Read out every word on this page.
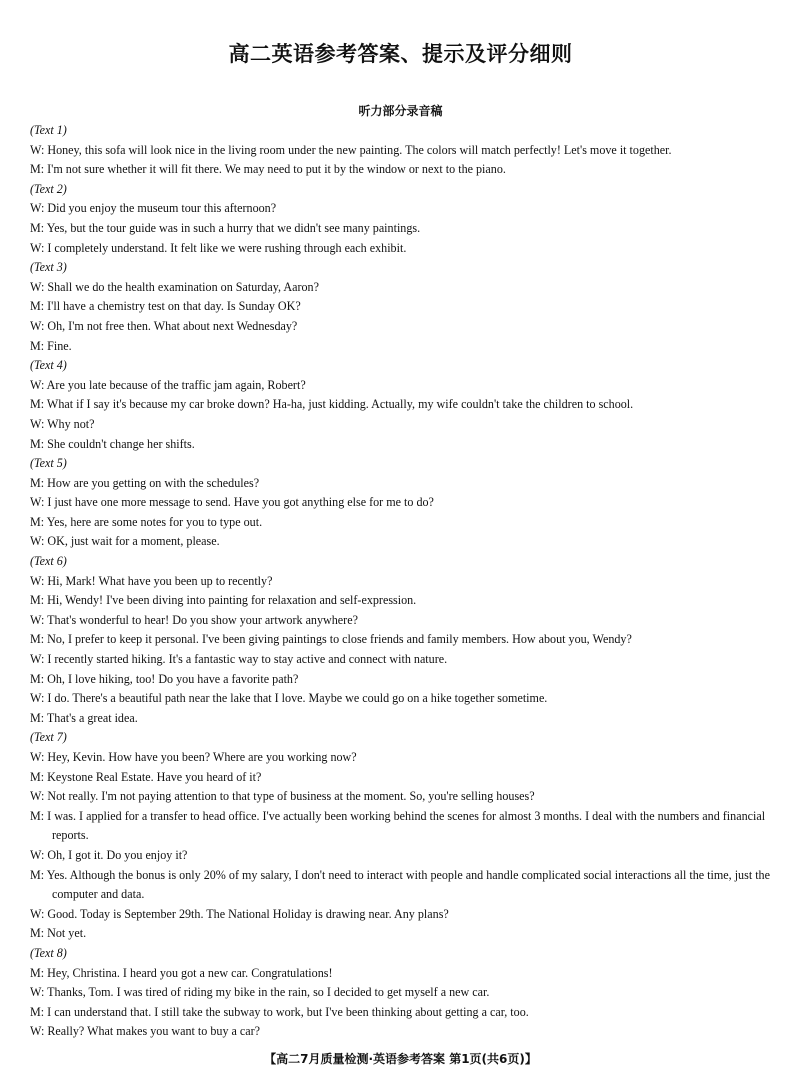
高二英语参考答案、提示及评分细则
听力部分录音稿
(Text 1)
W: Honey, this sofa will look nice in the living room under the new painting. The colors will match perfectly! Let's move it together.
M: I'm not sure whether it will fit there. We may need to put it by the window or next to the piano.
(Text 2)
W: Did you enjoy the museum tour this afternoon?
M: Yes, but the tour guide was in such a hurry that we didn't see many paintings.
W: I completely understand. It felt like we were rushing through each exhibit.
(Text 3)
W: Shall we do the health examination on Saturday, Aaron?
M: I'll have a chemistry test on that day. Is Sunday OK?
W: Oh, I'm not free then. What about next Wednesday?
M: Fine.
(Text 4)
W: Are you late because of the traffic jam again, Robert?
M: What if I say it's because my car broke down? Ha-ha, just kidding. Actually, my wife couldn't take the children to school.
W: Why not?
M: She couldn't change her shifts.
(Text 5)
M: How are you getting on with the schedules?
W: I just have one more message to send. Have you got anything else for me to do?
M: Yes, here are some notes for you to type out.
W: OK, just wait for a moment, please.
(Text 6)
W: Hi, Mark! What have you been up to recently?
M: Hi, Wendy! I've been diving into painting for relaxation and self-expression.
W: That's wonderful to hear! Do you show your artwork anywhere?
M: No, I prefer to keep it personal. I've been giving paintings to close friends and family members. How about you, Wendy?
W: I recently started hiking. It's a fantastic way to stay active and connect with nature.
M: Oh, I love hiking, too! Do you have a favorite path?
W: I do. There's a beautiful path near the lake that I love. Maybe we could go on a hike together sometime.
M: That's a great idea.
(Text 7)
W: Hey, Kevin. How have you been? Where are you working now?
M: Keystone Real Estate. Have you heard of it?
W: Not really. I'm not paying attention to that type of business at the moment. So, you're selling houses?
M: I was. I applied for a transfer to head office. I've actually been working behind the scenes for almost 3 months. I deal with the numbers and financial reports.
W: Oh, I got it. Do you enjoy it?
M: Yes. Although the bonus is only 20% of my salary, I don't need to interact with people and handle complicated social interactions all the time, just the computer and data.
W: Good. Today is September 29th. The National Holiday is drawing near. Any plans?
M: Not yet.
(Text 8)
M: Hey, Christina. I heard you got a new car. Congratulations!
W: Thanks, Tom. I was tired of riding my bike in the rain, so I decided to get myself a new car.
M: I can understand that. I still take the subway to work, but I've been thinking about getting a car, too.
W: Really? What makes you want to buy a car?
【高二7月质量检测·英语参考答案 第1页(共6页)】
